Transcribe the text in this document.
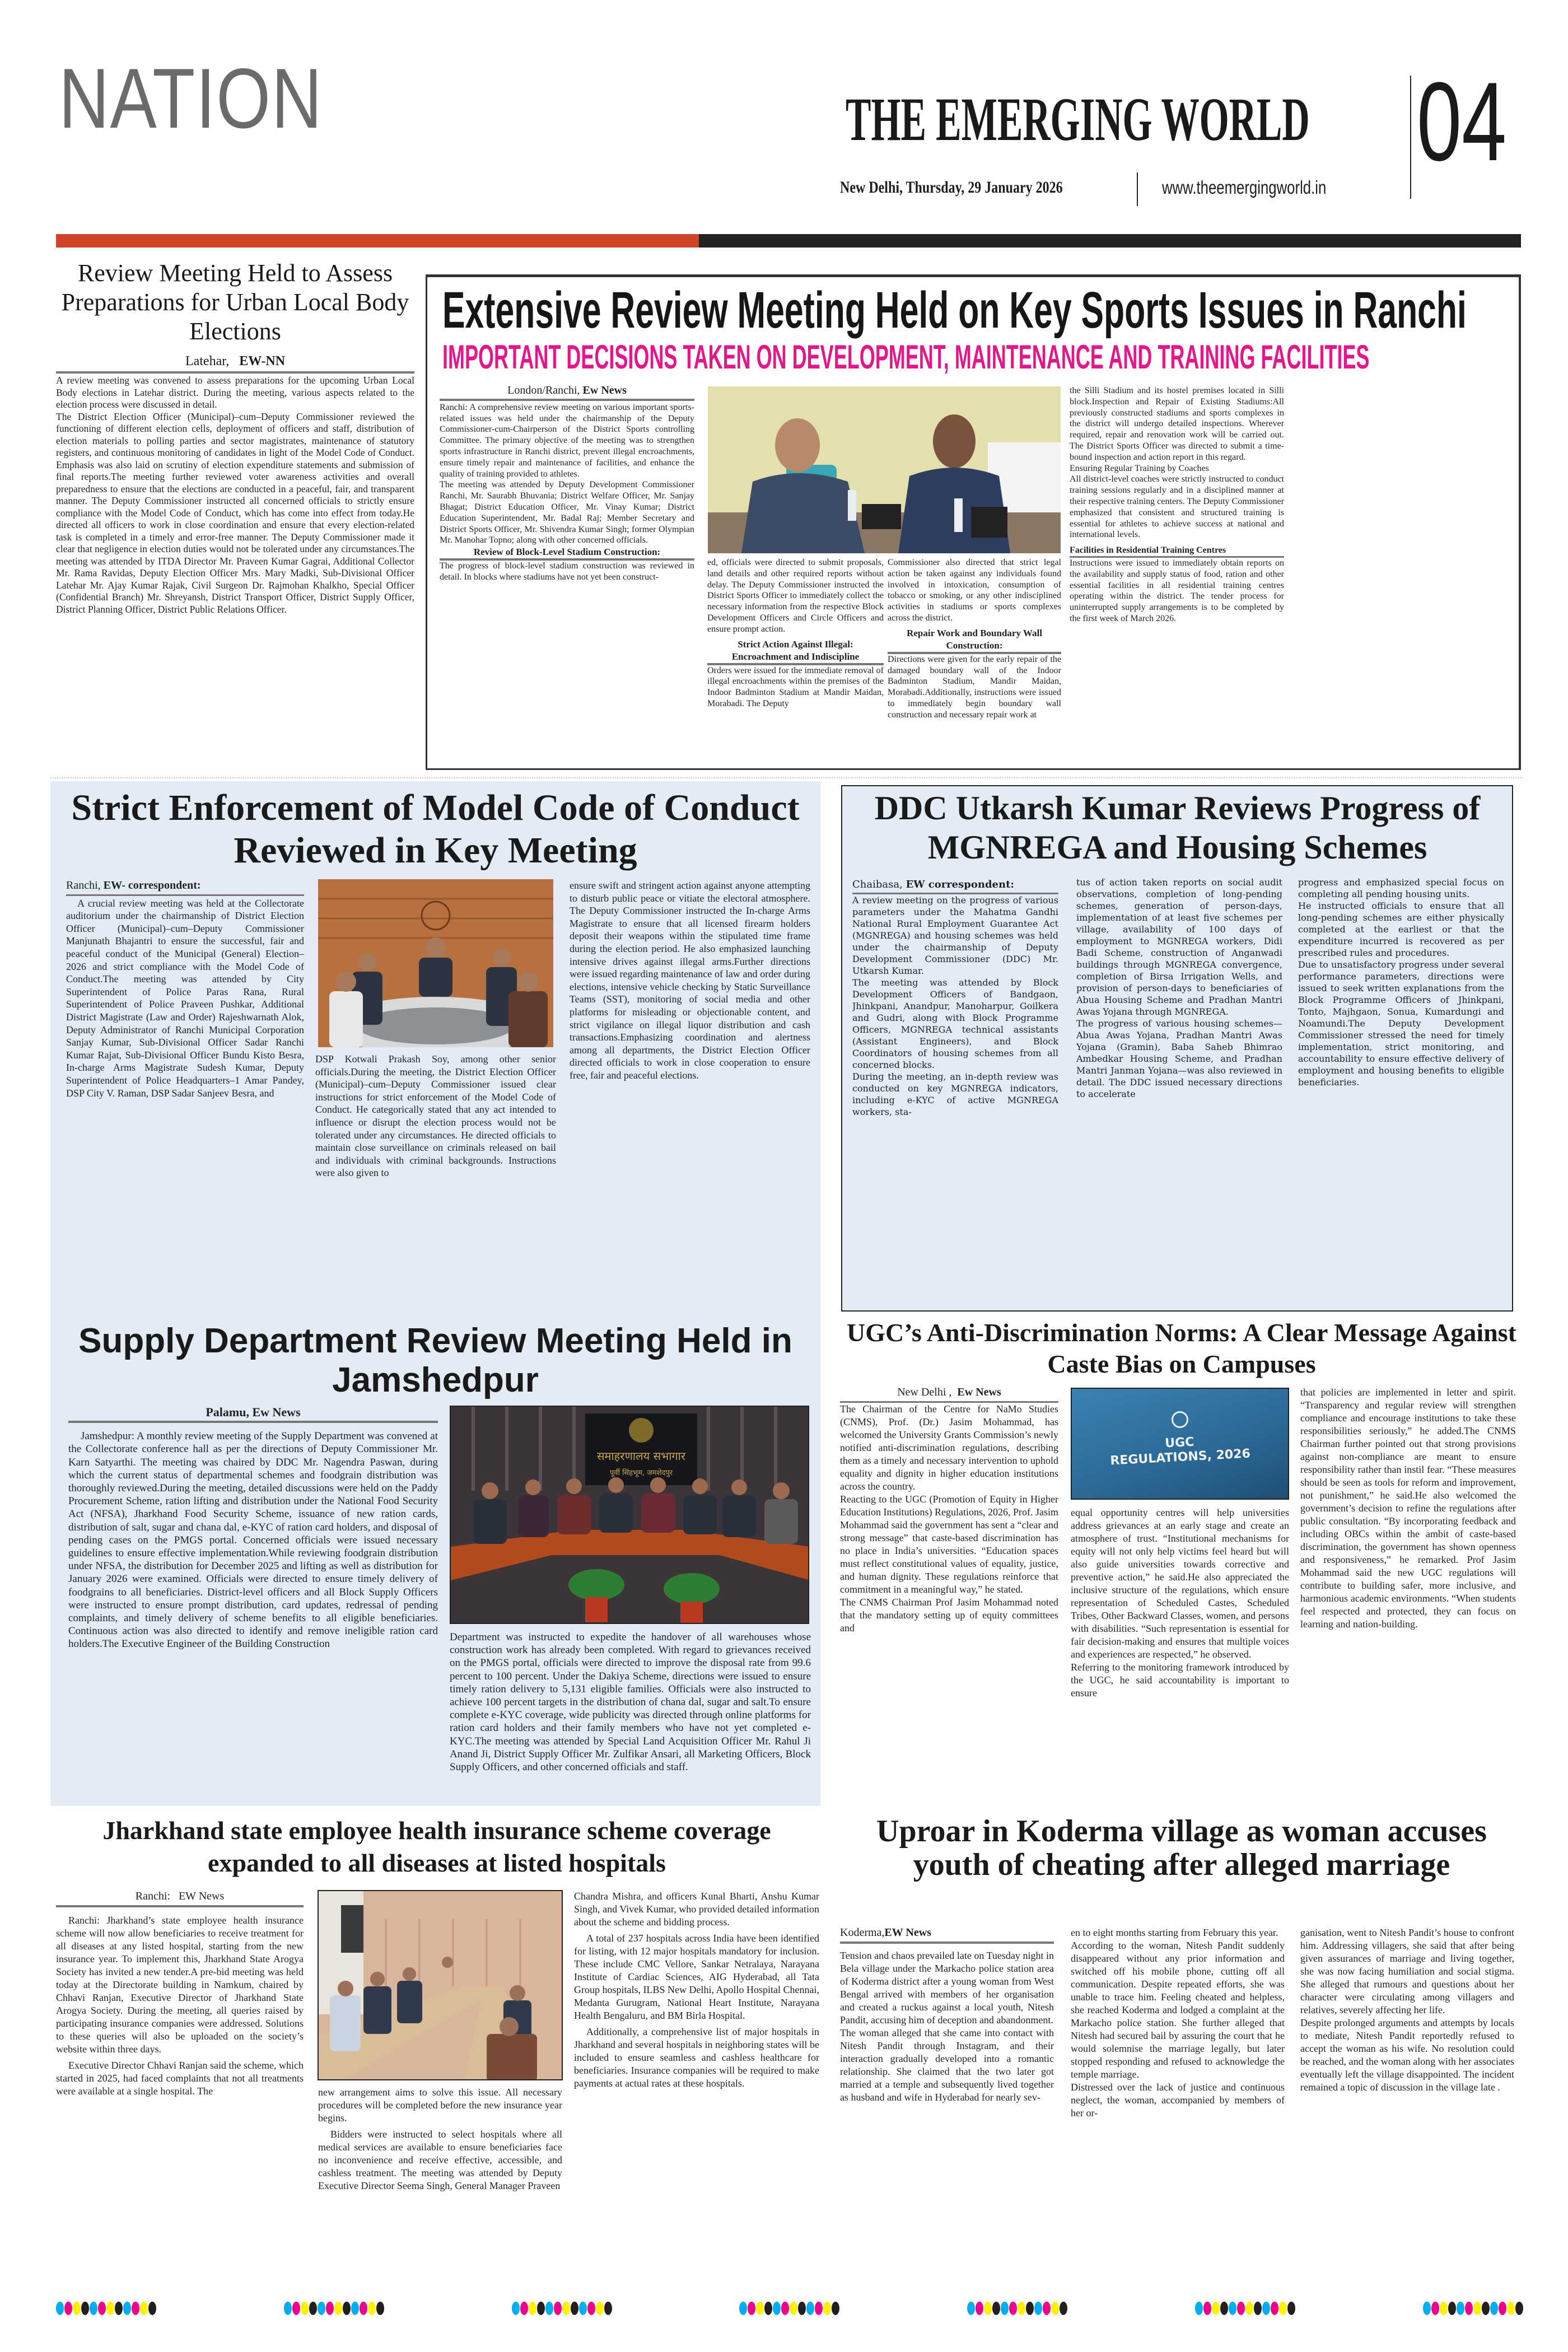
NATION	THE EMERGING WORLD
New Delhi, Thursday, 29 January 2026	www.theemergingworld.in
04
Review Meeting Held to Assess Preparations for Urban Local Body Elections
Latehar, EW-NN

A review meeting was convened to assess preparations for the upcoming Urban Local Body elections in Latehar district. During the meeting, various aspects related to the election process were discussed in detail.

The District Election Officer (Municipal)–cum–Deputy Commissioner reviewed the functioning of different election cells, deployment of officers and staff, distribution of election materials to polling parties and sector magistrates, maintenance of statutory registers, and continuous monitoring of candidates in light of the Model Code of Conduct. Emphasis was also laid on scrutiny of election expenditure statements and submission of final reports.The meeting further reviewed voter awareness activities and overall preparedness to ensure that the elections are conducted in a peaceful, fair, and transparent manner. The Deputy Commissioner instructed all concerned officials to strictly ensure compliance with the Model Code of Conduct, which has come into effect from today.He directed all officers to work in close coordination and ensure that every election-related task is completed in a timely and error-free manner. The Deputy Commissioner made it clear that negligence in election duties would not be tolerated under any circumstances.The meeting was attended by ITDA Director Mr. Praveen Kumar Gagrai, Additional Collector Mr. Rama Ravidas, Deputy Election Officer Mrs. Mary Madki, Sub-Divisional Officer Latehar Mr. Ajay Kumar Rajak, Civil Surgeon Dr. Rajmohan Khalkho, Special Officer (Confidential Branch) Mr. Shreyansh, District Transport Officer, District Supply Officer, District Planning Officer, District Public Relations Officer.

Extensive Review Meeting Held on Key Sports Issues in Ranchi
IMPORTANT DECISIONS TAKEN ON DEVELOPMENT, MAINTENANCE AND TRAINING FACILITIES
London/Ranchi, Ew News

Ranchi: A comprehensive review meeting on various important sports-related issues was held under the chairmanship of the Deputy Commissioner-cum-Chairperson of the District Sports controlling Committee. The primary objective of the meeting was to strengthen sports infrastructure in Ranchi district, prevent illegal encroachments, ensure timely repair and maintenance of facilities, and enhance the quality of training provided to athletes.

The meeting was attended by Deputy Development Commissioner Ranchi, Mr. Saurabh Bhuvania; District Welfare Officer, Mr. Sanjay Bhagat; District Education Officer, Mr. Vinay Kumar; District Education Superintendent, Mr. Badal Raj; Member Secretary and District Sports Officer, Mr. Shivendra Kumar Singh; former Olympian Mr. Manohar Topno; along with other concerned officials.

Review of Block-Level Stadium Construction:

The progress of block-level stadium construction was reviewed in detail. In blocks where stadiums have not yet been construct-

ed, officials were directed to submit proposals, land details and other required reports without delay. The Deputy Commissioner instructed the District Sports Officer to immediately collect the necessary information from the respective Block Development Officers and Circle Officers and ensure prompt action.

Strict Action Against Illegal: Encroachment and Indiscipline

Orders were issued for the immediate removal of illegal encroachments within the premises of the Indoor Badminton Stadium at Mandir Maidan, Morabadi. The Deputy

Commissioner also directed that strict legal action be taken against any individuals found involved in intoxication, consumption of tobacco or smoking, or any other indisciplined activities in stadiums or sports complexes across the district.

Repair Work and Boundary Wall Construction:

Directions were given for the early repair of the damaged boundary wall of the Indoor Badminton Stadium, Mandir Maidan, Morabadi.Additionally, instructions were issued to immediately begin boundary wall construction and necessary repair work at

the Silli Stadium and its hostel premises located in Silli block.Inspection and Repair of Existing Stadiums:All previously constructed stadiums and sports complexes in the district will undergo detailed inspections. Wherever required, repair and renovation work will be carried out. The District Sports Officer was directed to submit a time-bound inspection and action report in this regard.

Ensuring Regular Training by Coaches

All district-level coaches were strictly instructed to conduct training sessions regularly and in a disciplined manner at their respective training centers. The Deputy Commissioner emphasized that consistent and structured training is essential for athletes to achieve success at national and international levels.

Facilities in Residential Training Centres

Instructions were issued to immediately obtain reports on the availability and supply status of food, ration and other essential facilities in all residential training centres operating within the district. The tender process for uninterrupted supply arrangements is to be completed by the first week of March 2026.

Strict Enforcement of Model Code of Conduct Reviewed in Key Meeting
Ranchi, EW- correspondent:

A crucial review meeting was held at the Collectorate auditorium under the chairmanship of District Election Officer (Municipal)–cum–Deputy Commissioner Manjunath Bhajantri to ensure the successful, fair and peaceful conduct of the Municipal (General) Election–2026 and strict compliance with the Model Code of Conduct.The meeting was attended by City Superintendent of Police Paras Rana, Rural Superintendent of Police Praveen Pushkar, Additional District Magistrate (Law and Order) Rajeshwarnath Alok, Deputy Administrator of Ranchi Municipal Corporation Sanjay Kumar, Sub-Divisional Officer Sadar Ranchi Kumar Rajat, Sub-Divisional Officer Bundu Kisto Besra, In-charge Arms Magistrate Sudesh Kumar, Deputy Superintendent of Police Headquarters–1 Amar Pandey, DSP City V. Raman, DSP Sadar Sanjeev Besra, and

DSP Kotwali Prakash Soy, among other senior officials.During the meeting, the District Election Officer (Municipal)–cum–Deputy Commissioner issued clear instructions for strict enforcement of the Model Code of Conduct. He categorically stated that any act intended to influence or disrupt the election process would not be tolerated under any circumstances. He directed officials to maintain close surveillance on criminals released on bail and individuals with criminal backgrounds. Instructions were also given to

ensure swift and stringent action against anyone attempting to disturb public peace or vitiate the electoral atmosphere. The Deputy Commissioner instructed the In-charge Arms Magistrate to ensure that all licensed firearm holders deposit their weapons within the stipulated time frame during the election period. He also emphasized launching intensive drives against illegal arms.Further directions were issued regarding maintenance of law and order during elections, intensive vehicle checking by Static Surveillance Teams (SST), monitoring of social media and other platforms for misleading or objectionable content, and strict vigilance on illegal liquor distribution and cash transactions.Emphasizing coordination and alertness among all departments, the District Election Officer directed officials to work in close cooperation to ensure free, fair and peaceful elections.

Supply Department Review Meeting Held in Jamshedpur
Palamu, Ew News

Jamshedpur: A monthly review meeting of the Supply Department was convened at the Collectorate conference hall as per the directions of Deputy Commissioner Mr. Karn Satyarthi. The meeting was chaired by DDC Mr. Nagendra Paswan, during which the current status of departmental schemes and foodgrain distribution was thoroughly reviewed.During the meeting, detailed discussions were held on the Paddy Procurement Scheme, ration lifting and distribution under the National Food Security Act (NFSA), Jharkhand Food Security Scheme, issuance of new ration cards, distribution of salt, sugar and chana dal, e-KYC of ration card holders, and disposal of pending cases on the PMGS portal. Concerned officials were issued necessary guidelines to ensure effective implementation.While reviewing foodgrain distribution under NFSA, the distribution for December 2025 and lifting as well as distribution for January 2026 were examined. Officials were directed to ensure timely delivery of foodgrains to all beneficiaries. District-level officers and all Block Supply Officers were instructed to ensure prompt distribution, card updates, redressal of pending complaints, and timely delivery of scheme benefits to all eligible beneficiaries. Continuous action was also directed to identify and remove ineligible ration card holders.The Executive Engineer of the Building Construction

समाहरणालय सभागार
पूर्वी सिंहभूम, जमशेदपुर

Department was instructed to expedite the handover of all warehouses whose construction work has already been completed. With regard to grievances received on the PMGS portal, officials were directed to improve the disposal rate from 99.6 percent to 100 percent. Under the Dakiya Scheme, directions were issued to ensure timely ration delivery to 5,131 eligible families. Officials were also instructed to achieve 100 percent targets in the distribution of chana dal, sugar and salt.To ensure complete e-KYC coverage, wide publicity was directed through online platforms for ration card holders and their family members who have not yet completed e-KYC.The meeting was attended by Special Land Acquisition Officer Mr. Rahul Ji Anand Ji, District Supply Officer Mr. Zulfikar Ansari, all Marketing Officers, Block Supply Officers, and other concerned officials and staff.

DDC Utkarsh Kumar Reviews Progress of MGNREGA and Housing Schemes
Chaibasa, EW correspondent:

A review meeting on the progress of various parameters under the Mahatma Gandhi National Rural Employment Guarantee Act (MGNREGA) and housing schemes was held under the chairmanship of Deputy Development Commissioner (DDC) Mr. Utkarsh Kumar.

The meeting was attended by Block Development Officers of Bandgaon, Jhinkpani, Anandpur, Manoharpur, Goilkera and Gudri, along with Block Programme Officers, MGNREGA technical assistants (Assistant Engineers), and Block Coordinators of housing schemes from all concerned blocks.

During the meeting, an in-depth review was conducted on key MGNREGA indicators, including e-KYC of active MGNREGA workers, sta-

tus of action taken reports on social audit observations, completion of long-pending schemes, generation of person-days, implementation of at least five schemes per village, availability of 100 days of employment to MGNREGA workers, Didi Badi Scheme, construction of Anganwadi buildings through MGNREGA convergence, completion of Birsa Irrigation Wells, and provision of person-days to beneficiaries of Abua Housing Scheme and Pradhan Mantri Awas Yojana through MGNREGA.

The progress of various housing schemes—Abua Awas Yojana, Pradhan Mantri Awas Yojana (Gramin), Baba Saheb Bhimrao Ambedkar Housing Scheme, and Pradhan Mantri Janman Yojana—was also reviewed in detail. The DDC issued necessary directions to accelerate

progress and emphasized special focus on completing all pending housing units.

He instructed officials to ensure that all long-pending schemes are either physically completed at the earliest or that the expenditure incurred is recovered as per prescribed rules and procedures.

Due to unsatisfactory progress under several performance parameters, directions were issued to seek written explanations from the Block Programme Officers of Jhinkpani, Tonto, Majhgaon, Sonua, Kumardungi and Noamundi.The Deputy Development Commissioner stressed the need for timely implementation, strict monitoring, and accountability to ensure effective delivery of employment and housing benefits to eligible beneficiaries.

UGC’s Anti-Discrimination Norms: A Clear Message Against Caste Bias on Campuses
New Delhi , Ew News

The Chairman of the Centre for NaMo Studies (CNMS), Prof. (Dr.) Jasim Mohammad, has welcomed the University Grants Commission’s newly notified anti-discrimination regulations, describing them as a timely and necessary intervention to uphold equality and dignity in higher education institutions across the country.

Reacting to the UGC (Promotion of Equity in Higher Education Institutions) Regulations, 2026, Prof. Jasim Mohammad said the government has sent a “clear and strong message” that caste-based discrimination has no place in India’s universities. “Education spaces must reflect constitutional values of equality, justice, and human dignity. These regulations reinforce that commitment in a meaningful way,” he stated.

The CNMS Chairman Prof Jasim Mohammad noted that the mandatory setting up of equity committees and

UGC
REGULATIONS, 2026

equal opportunity centres will help universities address grievances at an early stage and create an atmosphere of trust. “Institutional mechanisms for equity will not only help victims feel heard but will also guide universities towards corrective and preventive action,” he said.He also appreciated the inclusive structure of the regulations, which ensure representation of Scheduled Castes, Scheduled Tribes, Other Backward Classes, women, and persons with disabilities. “Such representation is essential for fair decision-making and ensures that multiple voices and experiences are respected,” he observed.

Referring to the monitoring framework introduced by the UGC, he said accountability is important to ensure

that policies are implemented in letter and spirit. “Transparency and regular review will strengthen compliance and encourage institutions to take these responsibilities seriously,” he added.The CNMS Chairman further pointed out that strong provisions against non-compliance are meant to ensure responsibility rather than instil fear. “These measures should be seen as tools for reform and improvement, not punishment,” he said.He also welcomed the government’s decision to refine the regulations after public consultation. “By incorporating feedback and including OBCs within the ambit of caste-based discrimination, the government has shown openness and responsiveness,” he remarked. Prof Jasim Mohammad said the new UGC regulations will contribute to building safer, more inclusive, and harmonious academic environments. “When students feel respected and protected, they can focus on learning and nation-building.

Jharkhand state employee health insurance scheme coverage expanded to all diseases at listed hospitals
Ranchi: EW News

Ranchi: Jharkhand’s state employee health insurance scheme will now allow beneficiaries to receive treatment for all diseases at any listed hospital, starting from the new insurance year. To implement this, Jharkhand State Arogya Society has invited a new tender.A pre-bid meeting was held today at the Directorate building in Namkum, chaired by Chhavi Ranjan, Executive Director of Jharkhand State Arogya Society. During the meeting, all queries raised by participating insurance companies were addressed. Solutions to these queries will also be uploaded on the society’s website within three days.

Executive Director Chhavi Ranjan said the scheme, which started in 2025, had faced complaints that not all treatments were available at a single hospital. The	new arrangement aims to solve this issue. All necessary procedures will be completed before the new insurance year begins.

Bidders were instructed to select hospitals where all medical services are available to ensure beneficiaries face no inconvenience and receive effective, accessible, and cashless treatment. The meeting was attended by Deputy Executive Director Seema Singh, General Manager Praveen

Chandra Mishra, and officers Kunal Bharti, Anshu Kumar Singh, and Vivek Kumar, who provided detailed information about the scheme and bidding process.

A total of 237 hospitals across India have been identified for listing, with 12 major hospitals mandatory for inclusion. These include CMC Vellore, Sankar Netralaya, Narayana Institute of Cardiac Sciences, AIG Hyderabad, all Tata Group hospitals, ILBS New Delhi, Apollo Hospital Chennai, Medanta Gurugram, National Heart Institute, Narayana Health Bengaluru, and BM Birla Hospital.

Additionally, a comprehensive list of major hospitals in Jharkhand and several hospitals in neighboring states will be included to ensure seamless and cashless healthcare for beneficiaries. Insurance companies will be required to make payments at actual rates at these hospitals.

Uproar in Koderma village as woman accuses youth of cheating after alleged marriage
Koderma,EW News

Tension and chaos prevailed late on Tuesday night in Bela village under the Markacho police station area of Koderma district after a young woman from West Bengal arrived with members of her organisation and created a ruckus against a local youth, Nitesh Pandit, accusing him of deception and abandonment.

The woman alleged that she came into contact with Nitesh Pandit through Instagram, and their interaction gradually developed into a romantic relationship. She claimed that the two later got married at a temple and subsequently lived together as husband and wife in Hyderabad for nearly sev-

en to eight months starting from February this year.

According to the woman, Nitesh Pandit suddenly disappeared without any prior information and switched off his mobile phone, cutting off all communication. Despite repeated efforts, she was unable to trace him. Feeling cheated and helpless, she reached Koderma and lodged a complaint at the Markacho police station. She further alleged that Nitesh had secured bail by assuring the court that he would solemnise the marriage legally, but later stopped responding and refused to acknowledge the temple marriage.

Distressed over the lack of justice and continuous neglect, the woman, accompanied by members of her or-

ganisation, went to Nitesh Pandit’s house to confront him. Addressing villagers, she said that after being given assurances of marriage and living together, she was now facing humiliation and social stigma. She alleged that rumours and questions about her character were circulating among villagers and relatives, severely affecting her life.

Despite prolonged arguments and attempts by locals to mediate, Nitesh Pandit reportedly refused to accept the woman as his wife. No resolution could be reached, and the woman along with her associates eventually left the village disappointed. The incident remained a topic of discussion in the village late .
